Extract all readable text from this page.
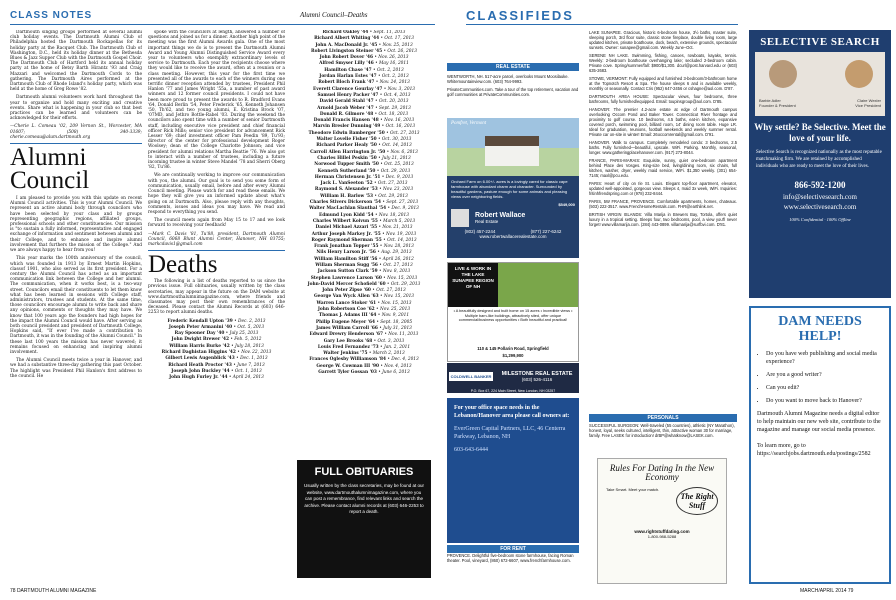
CLASS NOTES	Alumni Council–Deaths	CLASSIFIEDS

Dartmouth singing groups performed at several alumni club holiday events. The Dartmouth Alumni Club of Philadelphia hosted the Dartmouth Rockapellas for its holiday party at the Racquet Club. The Dartmouth Club of Washington, D.C., held its holiday dinner at the Bethesda Blues & Jazz Supper Club with the Dartmouth Gospel Choir. The Dartmouth Club of Hartford held its annual holiday party at the home of Betsy Barth Hirantz '93 and Craig Mazzari and welcomed the Dartmouth Cords to the gathering. The Dartmouth Aires performed at the Dartmouth Club of Rhode Island's holiday party, which was held at the home of Greg Rowe '82.

Dartmouth alumni volunteers work hard throughout the year to organize and hold many exciting and creative events. Share what is happening in your club so that best practices can be learned and volunteers can be acknowledged for their efforts.

—Cherie L. Comeau '02, 209 Vernon St., Worcester, MA 01607; (508) 340-3339; cherie.comeau@alum.dartmouth.org

Alumni Council

I am pleased to provide you with this update on recent Alumni Council activities. This is your Alumni Council. We represent an active alumni body through councilors who have been selected by your class and by groups representing geographic regions, affiliated groups, professional schools and other constituencies. Our mission is "to sustain a fully informed, representative and engaged exchange of information and sentiment between alumni and their College, and to enhance and inspire alumni involvement that furthers the mission of the College." And we are always happy to hear from you!

This year marks the 100th anniversary of the council, which was founded in 1913 by Ernest Martin Hopkins, classof 1901, who also served as its first president. For a century the Alumni Council has acted as an important communication link between the College and her alumni. The communication, when it works best, is a two-way street. Councilors email their constituents to let them know what has been learned in sessions with College staff, administrators, trustees and students. At the same time, those councilors encourage alumni to write back and share any opinions, comments or thoughts they may have. We know that 100 years ago the founders had high hopes for the impact the Alumni Council would have. After serving as both council president and president of Dartmouth College, Hopkins said, "If ever I've made a contribution to Dartmouth, it was in the founding of the Alumni Council." In these last 100 years the mission has never wavered; it remains focused on enhancing and inspiring alumni involvement.

The Alumni Council meets twice a year in Hanover, and we had a substantive three-day gathering this past October. The highlight was President Phil Hanlon's first address to the council. He

spoke with the councilors at length, answered a number of questions and joined us for a dinner. Another high point of the meeting was the first Alumni Awards gala. One of the most important things we do is to present the Dartmouth Alumni Award and Young Alumni Distinguished Service Award every year to volunteers who exemplify extraordinary levels of service to Dartmouth. Each year the recipients choose where they would like to receive the award, often at a reunion or a class meeting. However, this year for the first time we presented all of the awards to each of the winners during one terrific dinner reception attended by trustees, President Phil Hanlon '77 and James Wright '55a, a number of past award winners and 12 former council presidents. I could not have been more proud to present the awards to R. Bradford Evans '64, Donald Berlin '54, Peter Frederick '65, Kenneth Johansen '50, Th'62, and two young alumni, E. Kristina Brock '07, '07MD, and Jethro Bottle-Rabel '03. During the weekend the councilors also spent time with a number of senior Dartmouth staff, including executive vice president and chief financial officer Rick Mills; senior vice president for advancement Rick Lesser '69; chief investment officer Pam Peedin '89, Tu'93; director of the center for professional development Roger Woolsey; dean of the College Charlotte Johnson; and vice president for alumni relations Martha Beattie '76. We also got to interact with a number of trustees, including a future incoming trustee in winter Steve Mandel '78 and Sherri Oberg '82, Tu'86.

We are continually working to improve our communication with you, the alumni. Our goal is to send you some form of communication, usually email, before and after every Alumni Council meeting. Please watch for and read these emails. We hope they will give you an informed update about what's going on at Dartmouth. Also, please reply with any thoughts, comments, issues and ideas you may have. We read and respond to everything you send.

The council meets again from May 15 to 17 and we look forward to receiving your feedback!

—Mark C. Davis '81, Tu'88, president, Dartmouth Alumni Council, 6068 Blunt Alumni Center, Hanover, NH 03755; markcdavis1@gmail.com

Deaths

The following is a list of deaths reported to us since the previous issue. Full obituaries, usually written by the class secretaries, may appear in the future on the DAM website at www.dartmouthalumnimagazine.com, where friends and classmates may post their own remembrances of the deceased. Please contact the Alumni Records at (603) 646-2253 to report alumni deaths.

Frederic Kendall Upton '39 • Dec. 2, 2013
Joseph Peter Armanini '40 • Oct. 5, 2013
Ray Spooner Day '40 • July 25, 2013
John Dwight Brewer '42 • Feb. 5, 2012
William Harris Burke '42 • July 28, 2013
Richard Daghistan Higgins '42 • Nov. 22, 2013
Gilbert Lewis Augenblick '43 • Dec. 1, 2013
Richard Heath Proctor '43 • June 7, 2013
Joseph John Buckley '44 • Oct. 1, 2013
John Hugh Furley Jr. '44 • April 24, 2013
Richard Oakley '44 • Sept. 11, 2013
Richard Albert Whiting '44 • Oct. 17, 2013
John A. MacDonald Jr. '45 • Nov. 25, 2013
Robert Livingston Steiner '45 • Oct. 26, 2013
John Robert Dover '46 • Nov. 26, 2013
Alfred Smyser Lilly '46 • May 16, 2011
Hamilton Chase '47 • Oct. 2, 2013
Jordan Harlan Estes '47 • Oct. 2, 2013
Robert Bloch Frank '47 • Nov. 24, 2013
Everett Clarence Gourlay '47 • Nov. 3, 2013
Samuel Henry Packer '47 • Oct. 4, 2013
David Gerald Stahl '47 • Oct. 20, 2013
Arnold Jacob Weber '47 • Sept. 29, 2013
Donald R. Gilmore '48 • Oct. 18, 2013
Donald Francis Hansen '48 • Nov. 16, 2013
Marvin Bresler Dunning '49 • Oct. 16, 2013
Theodore Edwin Bamberger '50 • Oct. 27, 2013
Walter Lovelie Fisher '50 • Oct. 30, 2013
Richard Parker Healy '50 • Oct. 14, 2013
Carroll Allen Harrington Jr. '50 • Nov. 6, 2013
Charles Hillel Peskin '50 • July 21, 2013
Norwood Tupper Smith '50 • Oct. 25, 2013
Kenneth Sutherland '50 • Oct. 29, 2013
Herman Christensen Jr. '51 • Dec. 9, 2013
Jack L. VanSeeton '52 • Oct. 27, 2013
Raymond S. Alexander '53 • Nov. 23, 2013
William H. Barlow '53 • Oct. 29, 2013
Charles Stivers Dickerson '54 • Sept. 27, 2013
Walter MacLachlan Slauthal '54 • Dec. 9, 2013
Edmund Lyon Kidd '54 • Nov. 18, 2013
Charles Wilbert Koivun '55 • March 5, 2013
Daniel Michael Azzari '55 • Nov. 21, 2013
Arthur Joseph Markey Jr. '55 • Nov. 19, 2013
Roger Raymond Sherman '55 • Oct. 14, 2013
Frank Jonathan Topper '55 • Nov. 28, 2013
Nils Henry Larson Jr. '56 • Aug. 29, 2013
William Hamilton Stiff '56 • April 26, 2012
Willam Sherman Sugg '56 • Oct. 27, 2013
Jackson Sutton Clark '59 • Nov. 8, 2013
Stephen Lawrence Larson '60 • Nov. 15, 2013
John-David Mercer Schofield '60 • Oct. 29, 2013
John Peter Zipse '60 • Oct. 27, 2013
George Van Wyck Allen '63 • Nov. 15, 2013
Warren Lance Stoker '61 • Nov. 15, 2013
John Robertson Coe '62 • Nov. 25, 2013
Thomas J. Adams III '64 • Nov. 9, 2011
Philip Eugene Meyer '64 • Sept. 18, 2005
James William Carroll '66 • July 31, 2013
Edward Drewry Henderson '67 • Nov. 11, 2013
Gary Lee Brooks '68 • Oct. 3, 2013
Louis Fred Fernandez '73 • Jan. 2, 2011
Walter Jenkins '75 • March 2, 2013
Frances Oglesby Williamson '84 • Dec. 4, 2013
George W. Cowman III '90 • Nov. 4, 2013
Garrett Tyler Gossan '03 • June 6, 2013
FULL OBITUARIES
Usually written by the class secretaries, may be found at our website, www.dartmouthalumnimagazine.com, where you can post a remembrance, find relevant links and search the archive. Please contact alumni records at (603) 646-2253 to report a death.
REAL ESTATE
WENTWORTH, NH. 517-acre parcel, overlooks Mount Moosilauke. Whitemountainview.com. (603) 764-9993.
PrivateCommunities.com. Take a tour of the top retirement, vacation and golf communities at PrivateCommunities.com.
Pomfret, Vermont
Orchard Farm on 6.00+/- acres is a lovingly cared for classic cape farmhouse with abundant charm and character. Surrounded by beautiful gardens, pasture enough for some animals and pleasing views over neighboring fields.
$549,000
Robert Wallace
Real Estate
(802) 457-2244	(877) 227-6242
www.robertwallacerealestate.com
LIVE & WORK IN THE LAKE SUNAPEE REGION OF NH
• A beautifully designed and built home on 15 acres • Incredible views • Multiple barn-like buildings, attractively sited, offer unique commercial/business opportunities • Both beautiful and practical!
110 & 145 Pollarin Road, Springfield
$1,299,900
COLDWELL BANKER	MILESTONE REAL ESTATE
(603) 526-4116
P.O. Box 67, 224 Main Street, New London, NH 03257
For your office space needs in the Lebanon/Hanover area please call owners at:
EverGreen Capital Partners, LLC, 46 Centerra Parkway, Lebanon, NH
603-643-6444
FOR RENT
PROVENCE. Delightful five-bedroom stone farmhouse, facing Roman theater. Pool, vineyard, (860) 672-6607, www.frenchfarmhouse.com.
LAKE SUNAPEE. Gracious, historic 6-bedroom house, 3½ baths, master suite, sleeping porch, 3rd floor suite, classic stone fireplace, double living room, large updated kitchen, private boathouse, dock, beach, extensive grounds, spectacular sunsets. Owner: sunapee@gmail.com. Weekly June–Oct.
SERENE NH LAKE. Swimming, fishing, canoes, rowboats, kayaks, tennis. Weekly: 2-bedroom boathouse overhanging lake; secluded 2-bedroom cabin. Private cove. Spring/summer/fall: $900/$1,300. dcurl@post.harvard.edu or (603) 635-2683.
STOWE, VERMONT: Fully equipped and furnished 3-bedroom/3-bathroom home at the Topnotch Resort & Spa. The house sleeps 6 and is available weekly, monthly or seasonally. Contact Cris (952) 647-2456 or cshagne@aol.com. D'87.
DARTMOUTH AREA HOUSE: Spectacular views, four bedrooms, three bathrooms, fully furnished/equipped. Email: toupinsgroup@aol.com. D'85.
HANOVER: The premier 4.2-acre estate at edge of Dartmouth campus overlooking Occom Pond and Baker Tower. Connecticut River frontage and proximity to golf course. 10 bedrooms, 4.5 baths, eat-in kitchen, expansive covered porch, swimming pool, billiard room, 14' dining room table. Huge LR. Ideal for graduation, reunions, football weekends and weekly summer rental. Private car on-site in winter! Email: 26occomrental@gmail.com. D'91.
HANOVER. Walk to campus. Completely remodeled condo: 3 bedrooms, 2.5 baths. Fully furnished—beautiful, upscale. WiFi. Parking. Monthly, seasonal, longer. www.gatheringplacehanover.com. (917) 273-8044.
FRANCE, PARIS-MARAIS: Exquisite, sunny, quiet one-bedroom apartment behind Place des Vosges. King-size bed, living/dining room, six chairs, full kitchen, washer, dryer, weekly maid service, WiFi. $1,350 weekly. (301) 654-7145; maxl@pcu.edu.
PARIS: Heart of city on Ile St. Louis. Elegant top-floor apartment, elevator, updated well-appointed, gorgeous view. Sleeps 4, maid 3x week, WiFi. Inquiries: fritinhfrendspring.com or (978) 232-8444.
PARIS, 5W FRANCE, PROVENCE. Comfortable apartments, homes, chateaux. (503) 222-3517. www.FrenchHomeRentals.com. FHR@earthlink.net.
BRITISH VIRGIN ISLANDS: Villa Marija in Brewers Bay, Tortola, offers quiet luxury in a tropical setting. Sleeps four, two bedrooms, pool, a view you'll never forget! www.villamarija.com. (284) 443-0899. villamarija@surfbvi.com. D'81.
PERSONALS
SUCCESSFUL SURGEON: Well-traveled (55 countries), athletic (NY Marathon), honest, loyal, seeks cultured, intelligent, thin, attractive woman 30 for marriage, family. Free LASEK for introduction! drBP@whatknow@LASEK.com.
Rules For Dating In the New Economy
Take Smart. Meet your match.
The Right Stuff
www.rightstuffdating.com
1-800-988-5288
SELECTIVE SEARCH
Barbie Adler
Founder & President
Claire Wexler
Vice President
Why settle? Be Selective. Meet the love of your life.
Selective Search is recognized nationally as the most reputable matchmaking firm. We are retained by accomplished individuals who are ready to meet the love of their lives.
866-592-1200
info@selectivesearch.com
www.selectivesearch.com
100% Confidential · 100% Offline
DAM NEEDS HELP!
• Do you have web publishing and social media experience?
• Are you a good writer?
• Can you edit?
• Do you want to move back to Hanover?
Dartmouth Alumni Magazine needs a digital editor to help maintain our new web site, contribute to the magazine and manage our social media presence.
To learn more, go to https://searchjobs.dartmouth.edu/postings/2582
78 DARTMOUTH ALUMNI MAGAZINE	MARCH/APRIL 2014 79
